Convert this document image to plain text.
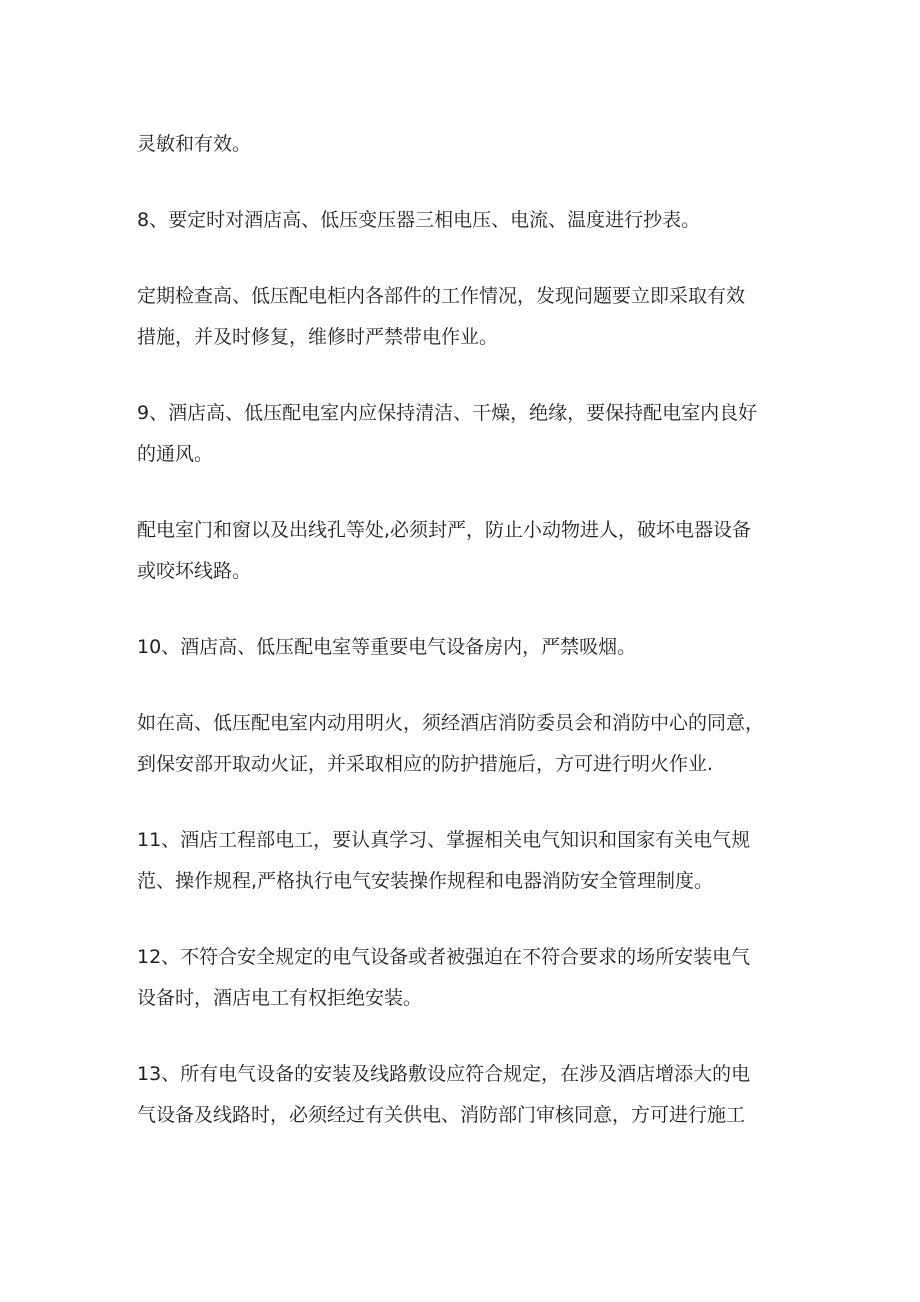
灵敏和有效。

8、要定时对酒店高、低压变压器三相电压、电流、温度进行抄表。

定期检查高、低压配电柜内各部件的工作情况，发现问题要立即采取有效
措施，并及时修复，维修时严禁带电作业。

9、酒店高、低压配电室内应保持清洁、干燥，绝缘，要保持配电室内良好
的通风。

配电室门和窗以及出线孔等处,必须封严，防止小动物进人，破坏电器设备
或咬坏线路。

10、酒店高、低压配电室等重要电气设备房内，严禁吸烟。

如在高、低压配电室内动用明火，须经酒店消防委员会和消防中心的同意，
到保安部开取动火证，并采取相应的防护措施后，方可进行明火作业.

11、酒店工程部电工，要认真学习、掌握相关电气知识和国家有关电气规
范、操作规程,严格执行电气安装操作规程和电器消防安全管理制度。

12、不符合安全规定的电气设备或者被强迫在不符合要求的场所安装电气
设备时，酒店电工有权拒绝安装。

13、所有电气设备的安装及线路敷设应符合规定，在涉及酒店增添大的电
气设备及线路时，必须经过有关供电、消防部门审核同意，方可进行施工
